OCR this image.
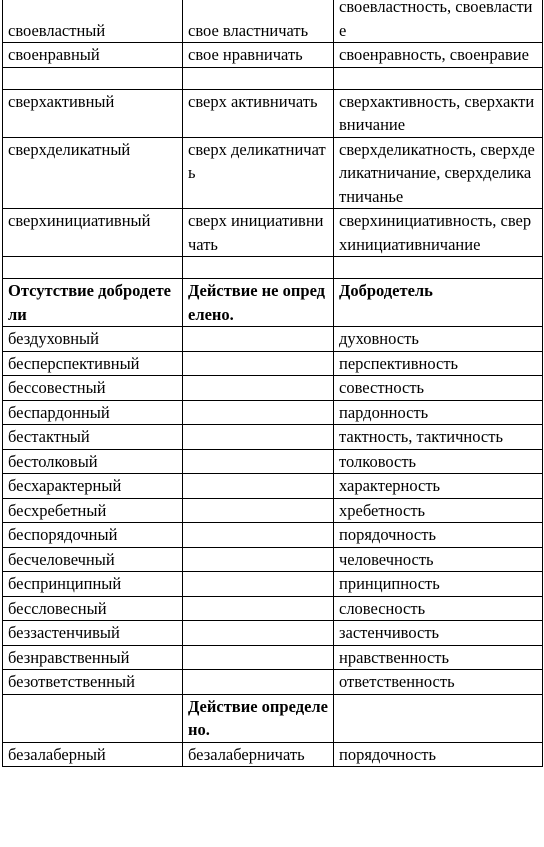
своевластный	свое властничать	своевластность, своевластие
своенравный	свое нравничать	своенравность, своенравие

сверхактивный	сверх активничать	сверхактивность, сверхактивничание
сверхделикатный	сверх деликатничать	сверхделикатность, сверхделикатничание, сверхделикатничанье
сверхинициативный	сверх инициативничать	сверхинициативность, сверхинициативничание

Отсутствие добродетели	Действие не определено.	Добродетель
бездуховный		духовность
бесперспективный		перспективность
бессовестный		совестность
беспардонный		пардонность
бестактный		тактность, тактичность
бестолковый		толковость
бесхарактерный		характерность
бесхребетный		хребетность
беспорядочный		порядочность
бесчеловечный		человечность
беспринципный		принципность
бессловесный		словесность
беззастенчивый		застенчивость
безнравственный		нравственность
безответственный		ответственность
	Действие определено.	
безалаберный	безалаберничать	порядочность
